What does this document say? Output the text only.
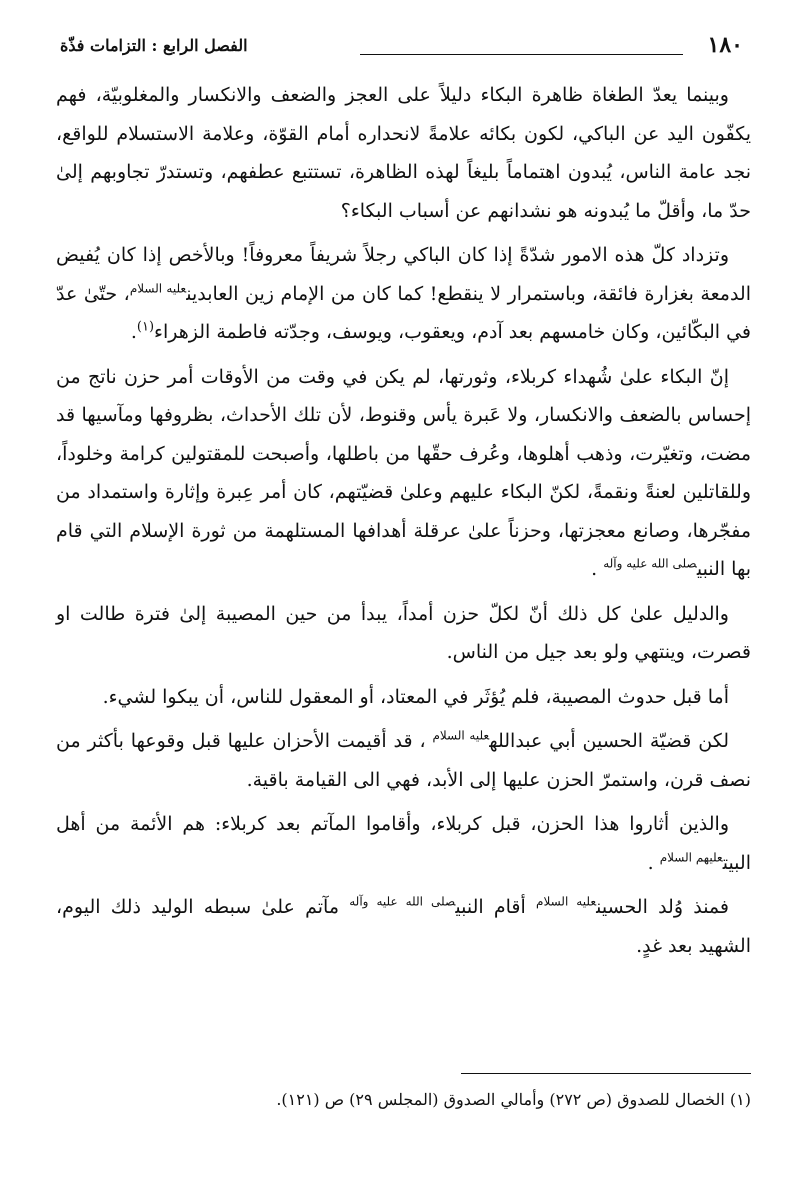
١٨٠
الفصل الرابع : التزامات فذّة

وبينما يعدّ الطغاة ظاهرة البكاء دليلاً على العجز والضعف والانكسار والمغلوبيّة، فهم يكفّون اليد عن الباكي، لكون بكائه علامةً لانحداره أمام القوّة، وعلامة الاستسلام للواقع، نجد عامة الناس، يُبدون اهتماماً بليغاً لهذه الظاهرة، تستتبع عطفهم، وتستدرّ تجاوبهم إلىٰ حدّ ما، وأقلّ ما يُبدونه هو نشدانهم عن أسباب البكاء؟

وتزداد كلّ هذه الامور شدّةً إذا كان الباكي رجلاً شريفاً معروفاً! وبالأخص إذا كان يُفيض الدمعة بغزارة فائقة، وباستمرار لا ينقطع! كما كان من الإمام زين العابدين$^{عليه السلام}$، حتّىٰ عدّ في البكّائين، وكان خامسهم بعد آدم، ويعقوب، ويوسف، وجدّته فاطمة الزهراء$^{(١)}$.

إنّ البكاء علىٰ شُهداء كربلاء، وثورتها، لم يكن في وقت من الأوقات أمر حزن ناتج من إحساس بالضعف والانكسار، ولا عَبرة يأس وقنوط، لأن تلك الأحداث، بظروفها ومآسيها قد مضت، وتغيّرت، وذهب أهلوها، وعُرف حقّها من باطلها، وأصبحت للمقتولين كرامة وخلوداً، وللقاتلين لعنةً ونقمةً، لكنّ البكاء عليهم وعلىٰ قضيّتهم، كان أمر عِبرة وإثارة واستمداد من مفجّرها، وصانع معجزتها، وحزناً علىٰ عرقلة أهدافها المستلهمة من ثورة الإسلام التي قام بها النبي$^{صلى الله عليه وآله}$ .

والدليل علىٰ كل ذلك أنّ لكلّ حزن أمداً، يبدأ من حين المصيبة إلىٰ فترة طالت او قصرت، وينتهي ولو بعد جيل من الناس.

أما قبل حدوث المصيبة، فلم يُؤثَر في المعتاد، أو المعقول للناس، أن يبكوا لشيء.

لكن قضيّة الحسين أبي عبدالله$^{عليه السلام}$ ، قد أقيمت الأحزان عليها قبل وقوعها بأكثر من نصف قرن، واستمرّ الحزن عليها إلى الأبد، فهي الى القيامة باقية.

والذين أثاروا هذا الحزن، قبل كربلاء، وأقاموا المآتم بعد كربلاء: هم الأئمة من أهل البيت$^{عليهم السلام}$ .

فمنذ وُلد الحسين$^{عليه السلام}$ أقام النبي$^{صلى الله عليه وآله}$ مآتم علىٰ سبطه الوليد ذلك اليوم، الشهيد بعد غدٍ.

(١) الخصال للصدوق (ص ٢٧٢) وأمالي الصدوق (المجلس ٢٩) ص (١٢١).
